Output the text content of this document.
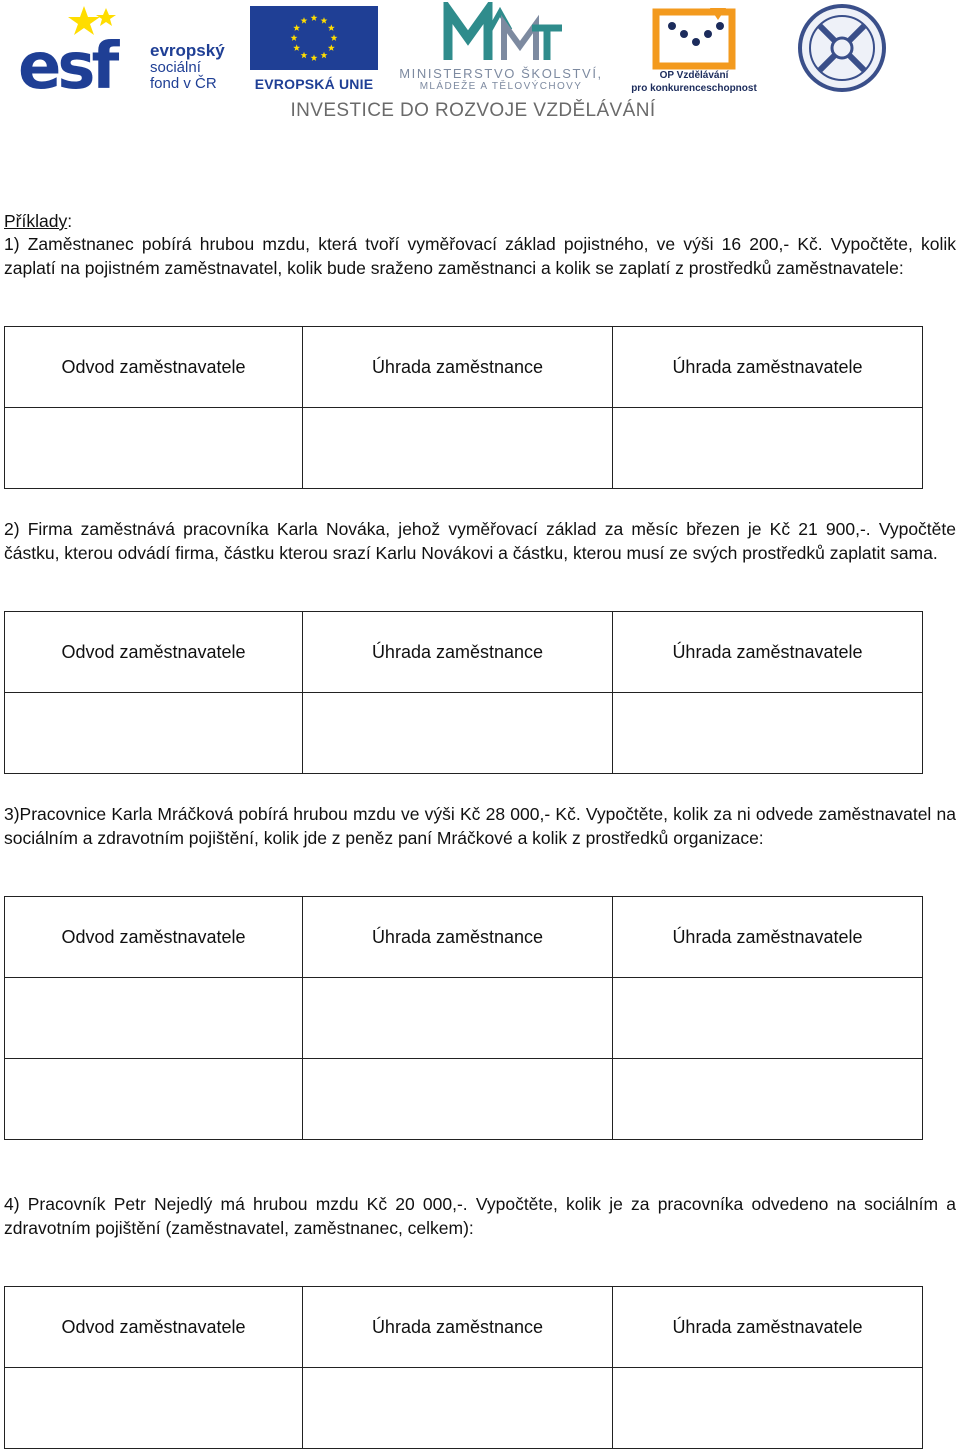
esf	evropský
sociální
fond v ČR	EVROPSKÁ UNIE
MINISTERSTVO ŠKOLSTVÍ,
MLÁDEŽE A TĚLOVÝCHOVY
OP Vzdělávání
pro konkurenceschopnost
INVESTICE DO ROZVOJE VZDĚLÁVÁNÍ
Příklady:

1) Zaměstnanec pobírá hrubou mzdu, která tvoří vyměřovací základ pojistného, ve výši 16 200,- Kč. Vypočtěte, kolik zaplatí na pojistném zaměstnavatel, kolik bude sraženo zaměstnanci a kolik se zaplatí z prostředků zaměstnavatele:

Odvod zaměstnavatele	Úhrada zaměstnance	Úhrada zaměstnavatele

2) Firma zaměstnává pracovníka Karla Nováka, jehož vyměřovací základ za měsíc březen je Kč 21 900,-. Vypočtěte částku, kterou odvádí firma, částku kterou srazí Karlu Novákovi a částku, kterou musí ze svých prostředků zaplatit sama.

Odvod zaměstnavatele	Úhrada zaměstnance	Úhrada zaměstnavatele

3)Pracovnice Karla Mráčková pobírá hrubou mzdu ve výši Kč 28 000,- Kč. Vypočtěte, kolik za ni odvede zaměstnavatel na sociálním a zdravotním pojištění, kolik jde z peněz paní Mráčkové a kolik z prostředků organizace:

Odvod zaměstnavatele	Úhrada zaměstnance	Úhrada zaměstnavatele

4) Pracovník Petr Nejedlý má hrubou mzdu Kč 20 000,-. Vypočtěte, kolik je za pracovníka odvedeno na sociálním a zdravotním pojištění (zaměstnavatel, zaměstnanec, celkem):

Odvod zaměstnavatele	Úhrada zaměstnance	Úhrada zaměstnavatele
